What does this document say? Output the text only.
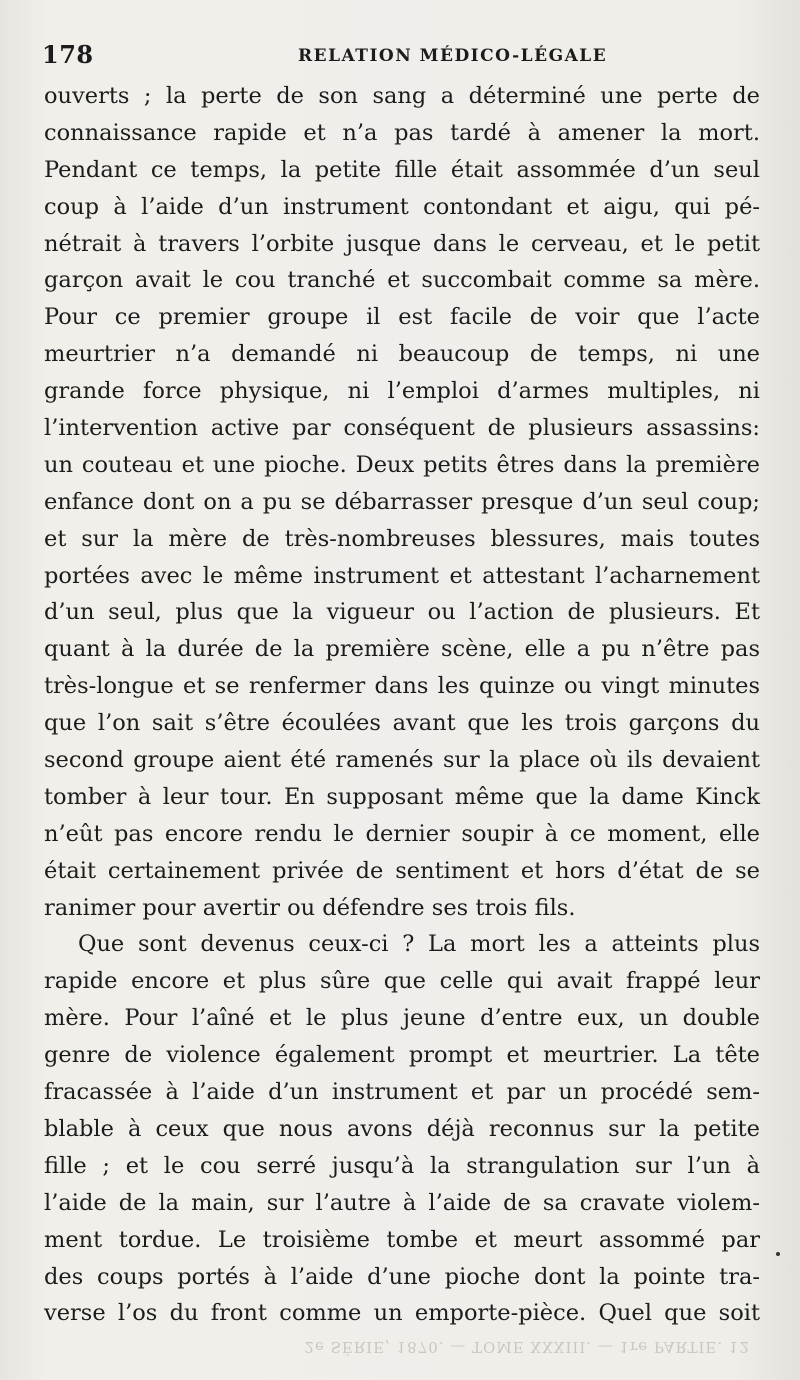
178	RELATION MÉDICO-LÉGALE
ouverts ; la perte de son sang a déterminé une perte de
connaissance rapide et n’a pas tardé à amener la mort.
Pendant ce temps, la petite fille était assommée d’un seul
coup à l’aide d’un instrument contondant et aigu, qui pé-
nétrait à travers l’orbite jusque dans le cerveau, et le petit
garçon avait le cou tranché et succombait comme sa mère.
Pour ce premier groupe il est facile de voir que l’acte
meurtrier n’a demandé ni beaucoup de temps, ni une
grande force physique, ni l’emploi d’armes multiples, ni
l’intervention active par conséquent de plusieurs assassins:
un couteau et une pioche. Deux petits êtres dans la première
enfance dont on a pu se débarrasser presque d’un seul coup;
et sur la mère de très-nombreuses blessures, mais toutes
portées avec le même instrument et attestant l’acharnement
d’un seul, plus que la vigueur ou l’action de plusieurs. Et
quant à la durée de la première scène, elle a pu n’être pas
très-longue et se renfermer dans les quinze ou vingt minutes
que l’on sait s’être écoulées avant que les trois garçons du
second groupe aient été ramenés sur la place où ils devaient
tomber à leur tour. En supposant même que la dame Kinck
n’eût pas encore rendu le dernier soupir à ce moment, elle
était certainement privée de sentiment et hors d’état de se
ranimer pour avertir ou défendre ses trois fils.
Que sont devenus ceux-ci ? La mort les a atteints plus
rapide encore et plus sûre que celle qui avait frappé leur
mère. Pour l’aîné et le plus jeune d’entre eux, un double
genre de violence également prompt et meurtrier. La tête
fracassée à l’aide d’un instrument et par un procédé sem-
blable à ceux que nous avons déjà reconnus sur la petite
fille ; et le cou serré jusqu’à la strangulation sur l’un à
l’aide de la main, sur l’autre à l’aide de sa cravate violem-
ment tordue. Le troisième tombe et meurt assommé par
des coups portés à l’aide d’une pioche dont la pointe tra-
verse l’os du front comme un emporte-pièce. Quel que soit
2e SÉRIE, 1870. — TOME XXXIII. — 1re PARTIE. 12
